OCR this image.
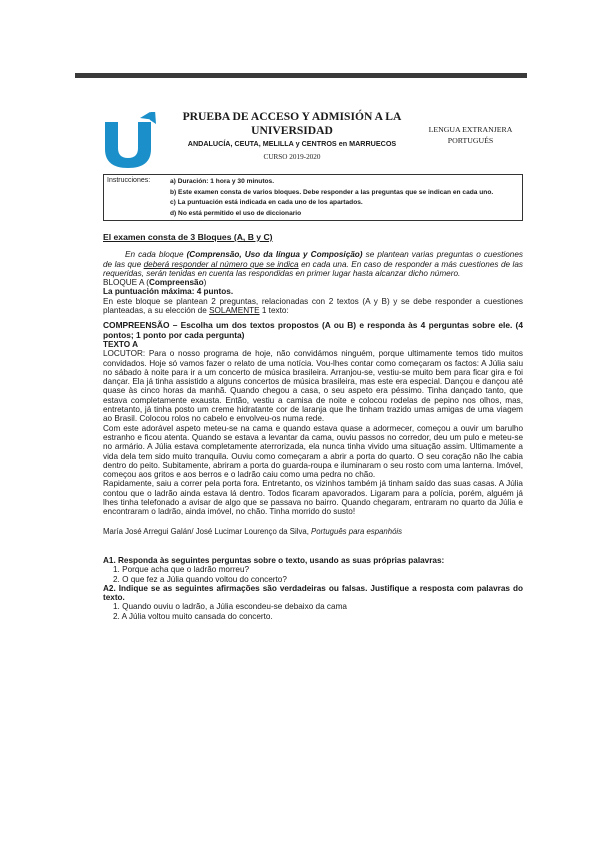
PRUEBA DE ACCESO Y ADMISIÓN A LA
UNIVERSIDAD
ANDALUCÍA, CEUTA, MELILLA y CENTROS en MARRUECOS
CURSO 2019-2020
LENGUA EXTRANJERA
PORTUGUÉS
Instrucciones:	a) Duración: 1 hora y 30 minutos.
b) Este examen consta de varios bloques. Debe responder a las preguntas que se indican en cada uno.
c) La puntuación está indicada en cada uno de los apartados.
d) No está permitido el uso de diccionario

El examen consta de 3 Bloques (A, B y C)

En cada bloque (Comprensão, Uso da língua y Composição) se plantean varias preguntas o cuestiones de las que deberá responder al número que se indica en cada una. En caso de responder a más cuestiones de las requeridas, serán tenidas en cuenta las respondidas en primer lugar hasta alcanzar dicho número.

BLOQUE A (Compreensão)

La puntuación máxima: 4 puntos.

En este bloque se plantean 2 preguntas, relacionadas con 2 textos (A y B) y se debe responder a cuestiones planteadas, a su elección de SOLAMENTE 1 texto:

COMPREENSÃO – Escolha um dos textos propostos (A ou B) e responda às 4 perguntas sobre ele. (4 pontos; 1 ponto por cada pergunta)

TEXTO A

LOCUTOR: Para o nosso programa de hoje, não convidámos ninguém, porque ultimamente temos tido muitos convidados. Hoje só vamos fazer o relato de uma notícia. Vou-lhes contar como começaram os factos: A Júlia saiu no sábado à noite para ir a um concerto de música brasileira. Arranjou-se, vestiu-se muito bem para ficar gira e foi dançar. Ela já tinha assistido a alguns concertos de música brasileira, mas este era especial. Dançou e dançou até quase às cinco horas da manhã. Quando chegou a casa, o seu aspeto era péssimo. Tinha dançado tanto, que estava completamente exausta. Então, vestiu a camisa de noite e colocou rodelas de pepino nos olhos, mas, entretanto, já tinha posto um creme hidratante cor de laranja que lhe tinham trazido umas amigas de uma viagem ao Brasil. Colocou rolos no cabelo e envolveu-os numa rede.

Com este adorável aspeto meteu-se na cama e quando estava quase a adormecer, começou a ouvir um barulho estranho e ficou atenta. Quando se estava a levantar da cama, ouviu passos no corredor, deu um pulo e meteu-se no armário. A Júlia estava completamente aterrorizada, ela nunca tinha vivido uma situação assim. Ultimamente a vida dela tem sido muito tranquila. Ouviu como começaram a abrir a porta do quarto. O seu coração não lhe cabia dentro do peito. Subitamente, abriram a porta do guarda-roupa e iluminaram o seu rosto com uma lanterna. Imóvel, começou aos gritos e aos berros e o ladrão caiu como uma pedra no chão.

Rapidamente, saiu a correr pela porta fora. Entretanto, os vizinhos também já tinham saído das suas casas. A Júlia contou que o ladrão ainda estava lá dentro. Todos ficaram apavorados. Ligaram para a polícia, porém, alguém já lhes tinha telefonado a avisar de algo que se passava no bairro. Quando chegaram, entraram no quarto da Júlia e encontraram o ladrão, ainda imóvel, no chão. Tinha morrido do susto!

María José Arregui Galán/ José Lucimar Lourenço da Silva, Português para espanhóis

A1. Responda às seguintes perguntas sobre o texto, usando as suas próprias palavras:

1. Porque acha que o ladrão morreu?

2. O que fez a Júlia quando voltou do concerto?

A2. Indique se as seguintes afirmações são verdadeiras ou falsas. Justifique a resposta com palavras do texto.

1. Quando ouviu o ladrão, a Júlia escondeu-se debaixo da cama

2. A Júlia voltou muito cansada do concerto.
